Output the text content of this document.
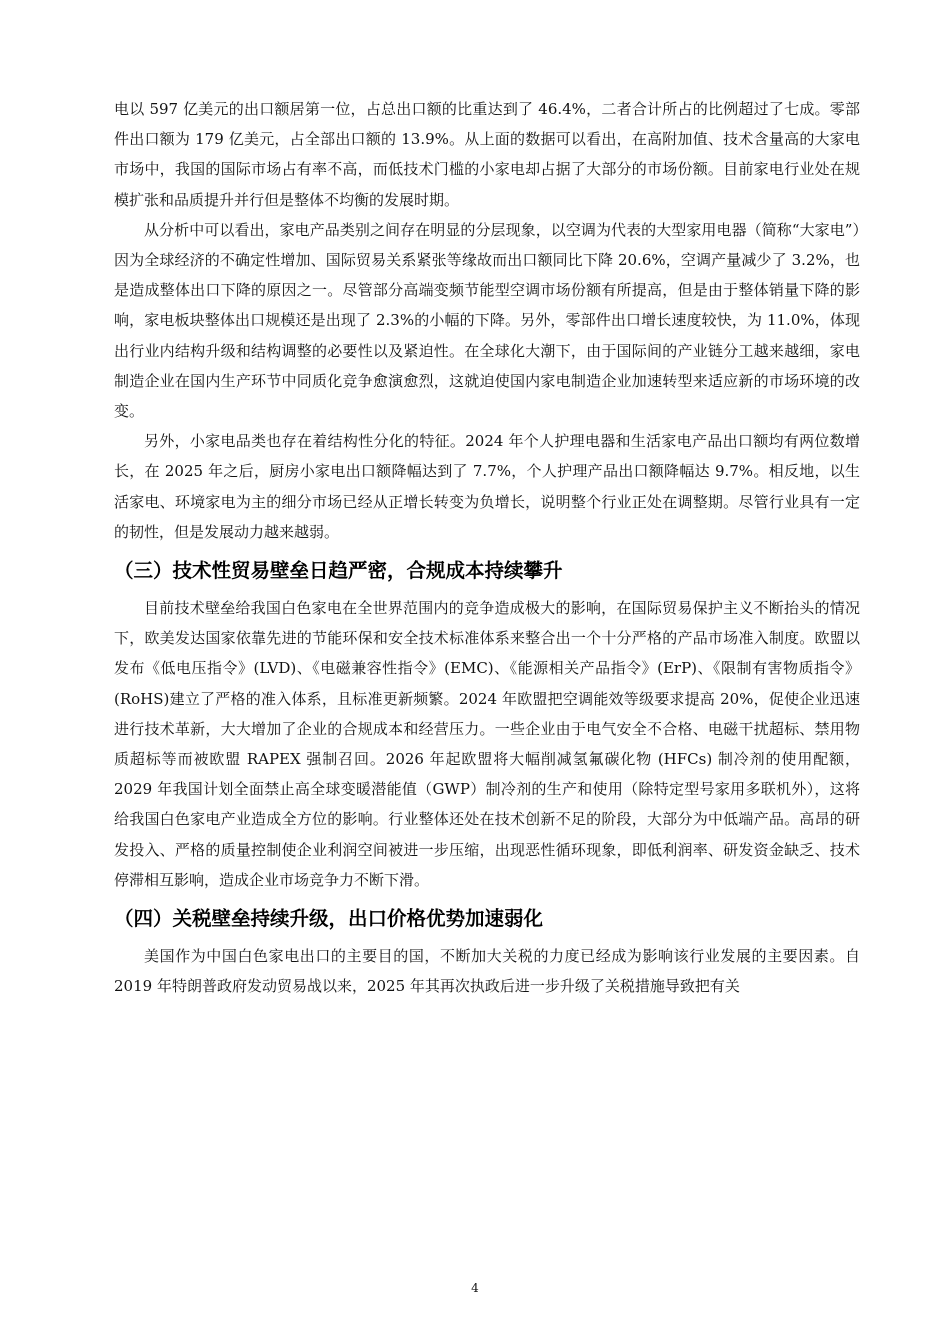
电以 597 亿美元的出口额居第一位，占总出口额的比重达到了 46.4%，二者合计所占的比例超过了七成。零部件出口额为 179 亿美元，占全部出口额的 13.9%。从上面的数据可以看出，在高附加值、技术含量高的大家电市场中，我国的国际市场占有率不高，而低技术门槛的小家电却占据了大部分的市场份额。目前家电行业处在规模扩张和品质提升并行但是整体不均衡的发展时期。

从分析中可以看出，家电产品类别之间存在明显的分层现象，以空调为代表的大型家用电器（简称“大家电”）因为全球经济的不确定性增加、国际贸易关系紧张等缘故而出口额同比下降 20.6%，空调产量减少了 3.2%，也是造成整体出口下降的原因之一。尽管部分高端变频节能型空调市场份额有所提高，但是由于整体销量下降的影响，家电板块整体出口规模还是出现了 2.3%的小幅的下降。另外，零部件出口增长速度较快，为 11.0%，体现出行业内结构升级和结构调整的必要性以及紧迫性。在全球化大潮下，由于国际间的产业链分工越来越细，家电制造企业在国内生产环节中同质化竞争愈演愈烈，这就迫使国内家电制造企业加速转型来适应新的市场环境的改变。

另外，小家电品类也存在着结构性分化的特征。2024 年个人护理电器和生活家电产品出口额均有两位数增长，在 2025 年之后，厨房小家电出口额降幅达到了 7.7%，个人护理产品出口额降幅达 9.7%。相反地，以生活家电、环境家电为主的细分市场已经从正增长转变为负增长，说明整个行业正处在调整期。尽管行业具有一定的韧性，但是发展动力越来越弱。

（三）技术性贸易壁垒日趋严密，合规成本持续攀升

目前技术壁垒给我国白色家电在全世界范围内的竞争造成极大的影响，在国际贸易保护主义不断抬头的情况下，欧美发达国家依靠先进的节能环保和安全技术标准体系来整合出一个十分严格的产品市场准入制度。欧盟以发布《低电压指令》(LVD)、《电磁兼容性指令》(EMC)、《能源相关产品指令》(ErP)、《限制有害物质指令》(RoHS)建立了严格的准入体系，且标准更新频繁。2024 年欧盟把空调能效等级要求提高 20%，促使企业迅速进行技术革新，大大增加了企业的合规成本和经营压力。一些企业由于电气安全不合格、电磁干扰超标、禁用物质超标等而被欧盟 RAPEX 强制召回。2026 年起欧盟将大幅削减氢氟碳化物 (HFCs) 制冷剂的使用配额，2029 年我国计划全面禁止高全球变暖潜能值（GWP）制冷剂的生产和使用（除特定型号家用多联机外），这将给我国白色家电产业造成全方位的影响。行业整体还处在技术创新不足的阶段，大部分为中低端产品。高昂的研发投入、严格的质量控制使企业利润空间被进一步压缩，出现恶性循环现象，即低利润率、研发资金缺乏、技术停滞相互影响，造成企业市场竞争力不断下滑。

（四）关税壁垒持续升级，出口价格优势加速弱化

美国作为中国白色家电出口的主要目的国，不断加大关税的力度已经成为影响该行业发展的主要因素。自 2019 年特朗普政府发动贸易战以来，2025 年其再次执政后进一步升级了关税措施导致把有关

4
